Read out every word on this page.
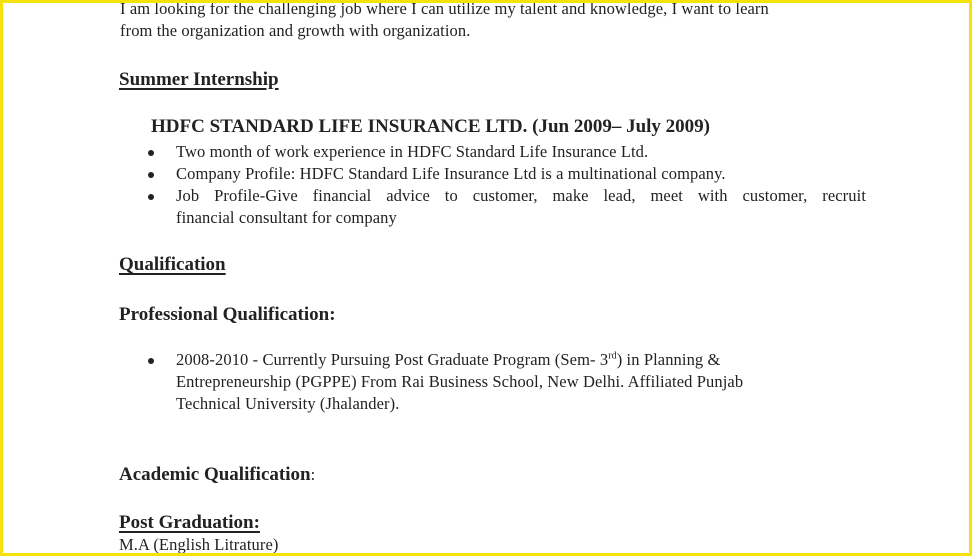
I am looking for the challenging job where I can utilize my talent and knowledge, I want to learn
from the organization and growth with organization.
Summer Internship
HDFC STANDARD LIFE INSURANCE LTD. (Jun 2009– July 2009)
Two month of work experience in HDFC Standard Life Insurance Ltd.
Company Profile: HDFC Standard Life Insurance Ltd is a multinational company.
Job Profile-Give financial advice to customer, make lead, meet with customer, recruit
financial consultant for company
Qualification
Professional Qualification:
2008-2010 - Currently Pursuing Post Graduate Program (Sem- 3rd) in Planning &
Entrepreneurship (PGPPE) From Rai Business School, New Delhi. Affiliated Punjab
Technical University (Jhalander).
Academic Qualification:
Post Graduation:
M.A (English Litrature)
